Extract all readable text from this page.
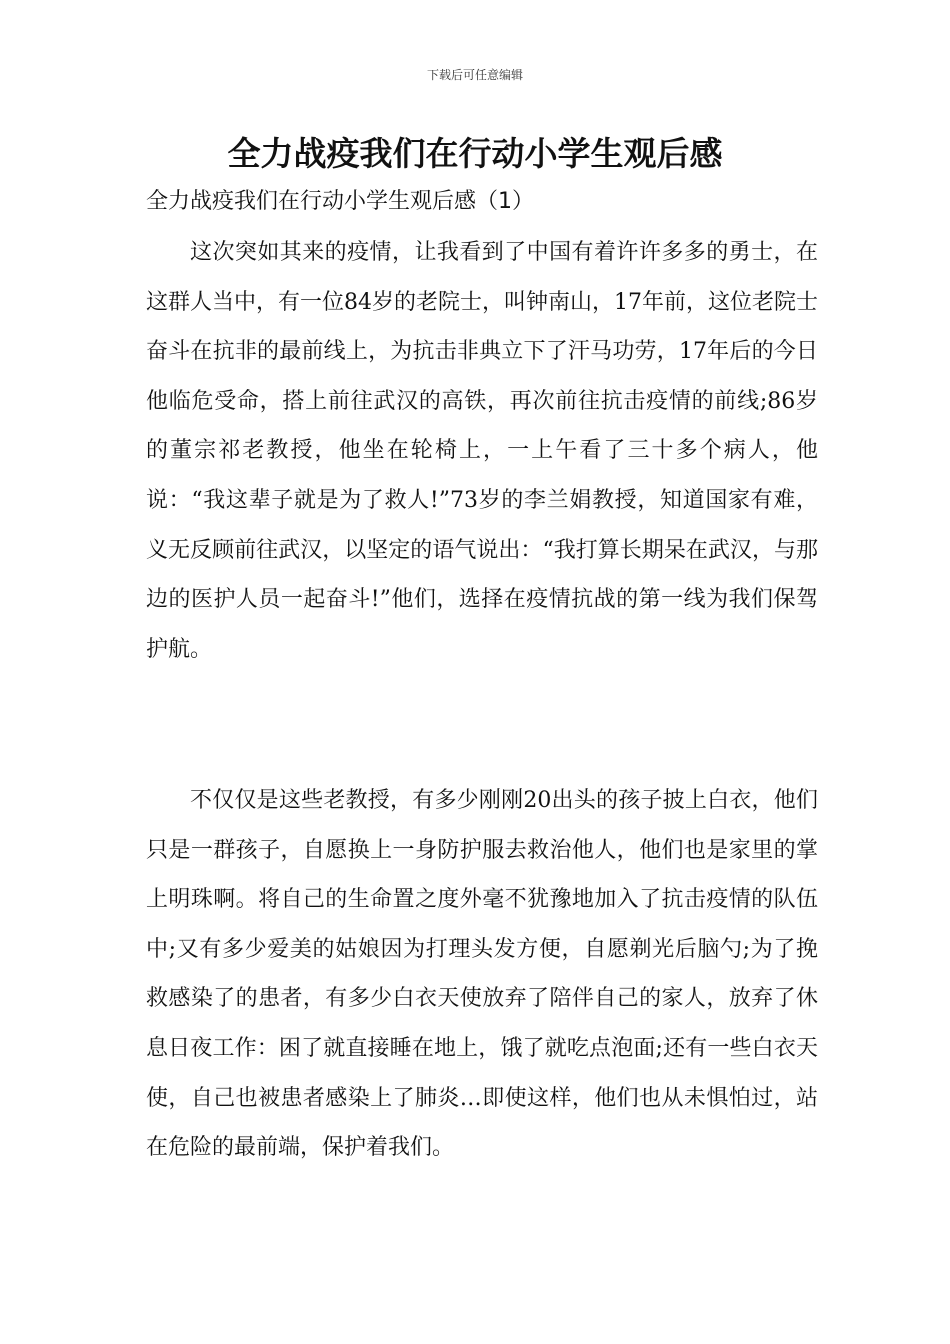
下载后可任意编辑
全力战疫我们在行动小学生观后感
全力战疫我们在行动小学生观后感（1）

这次突如其来的疫情，让我看到了中国有着许许多多的勇士，在这群人当中，有一位84岁的老院士，叫钟南山，17年前，这位老院士奋斗在抗非的最前线上，为抗击非典立下了汗马功劳，17年后的今日他临危受命，搭上前往武汉的高铁，再次前往抗击疫情的前线;86岁的董宗祁老教授，他坐在轮椅上，一上午看了三十多个病人，他说：“我这辈子就是为了救人!”73岁的李兰娟教授，知道国家有难，义无反顾前往武汉，以坚定的语气说出：“我打算长期呆在武汉，与那边的医护人员一起奋斗!”他们，选择在疫情抗战的第一线为我们保驾护航。

不仅仅是这些老教授，有多少刚刚20出头的孩子披上白衣，他们只是一群孩子，自愿换上一身防护服去救治他人，他们也是家里的掌上明珠啊。将自己的生命置之度外毫不犹豫地加入了抗击疫情的队伍中;又有多少爱美的姑娘因为打理头发方便，自愿剃光后脑勺;为了挽救感染了的患者，有多少白衣天使放弃了陪伴自己的家人，放弃了休息日夜工作：困了就直接睡在地上，饿了就吃点泡面;还有一些白衣天使，自己也被患者感染上了肺炎…即使这样，他们也从未惧怕过，站在危险的最前端，保护着我们。
